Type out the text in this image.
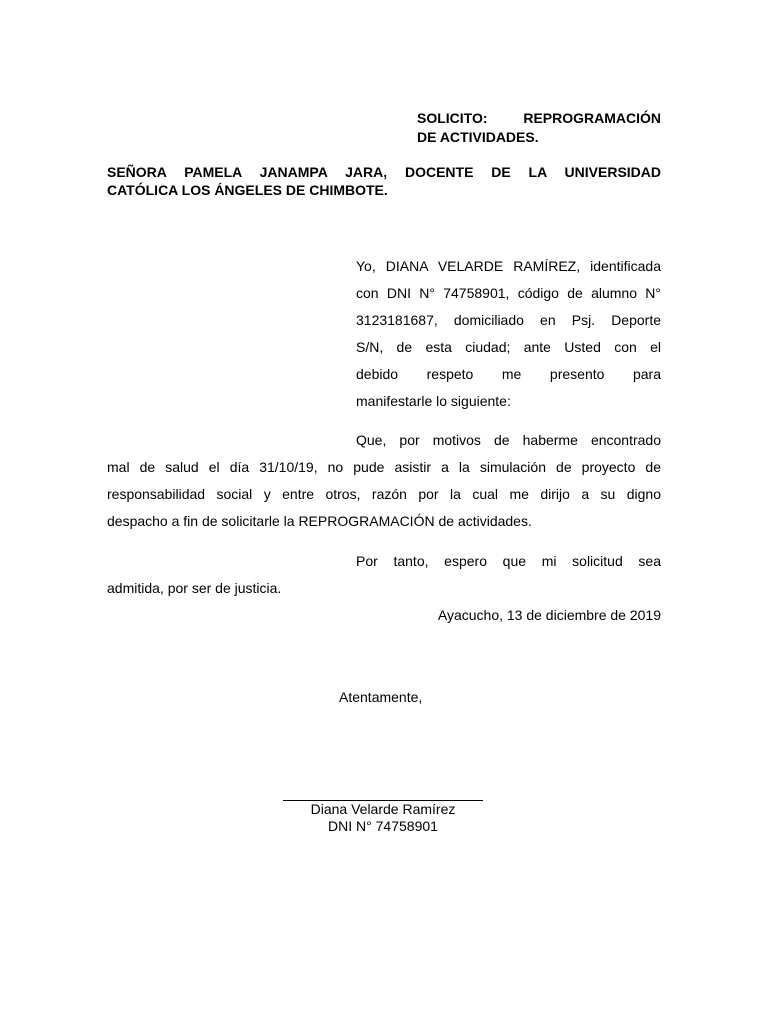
SOLICITO: REPROGRAMACIÓN
DE ACTIVIDADES.
SEÑORA PAMELA JANAMPA JARA, DOCENTE DE LA UNIVERSIDAD
CATÓLICA LOS ÁNGELES DE CHIMBOTE.
Yo, DIANA VELARDE RAMÍREZ, identificada
con DNI N° 74758901, código de alumno N°
3123181687, domiciliado en Psj. Deporte
S/N, de esta ciudad; ante Usted con el
debido respeto me presento para
manifestarle lo siguiente:
Que, por motivos de haberme encontrado
mal de salud el día 31/10/19, no pude asistir a la simulación de proyecto de
responsabilidad social y entre otros, razón por la cual me dirijo a su digno
despacho a fin de solicitarle la REPROGRAMACIÓN de actividades.
Por tanto, espero que mi solicitud sea
admitida, por ser de justicia.
Ayacucho, 13 de diciembre de 2019
Atentamente,
Diana Velarde Ramírez
DNI N° 74758901
